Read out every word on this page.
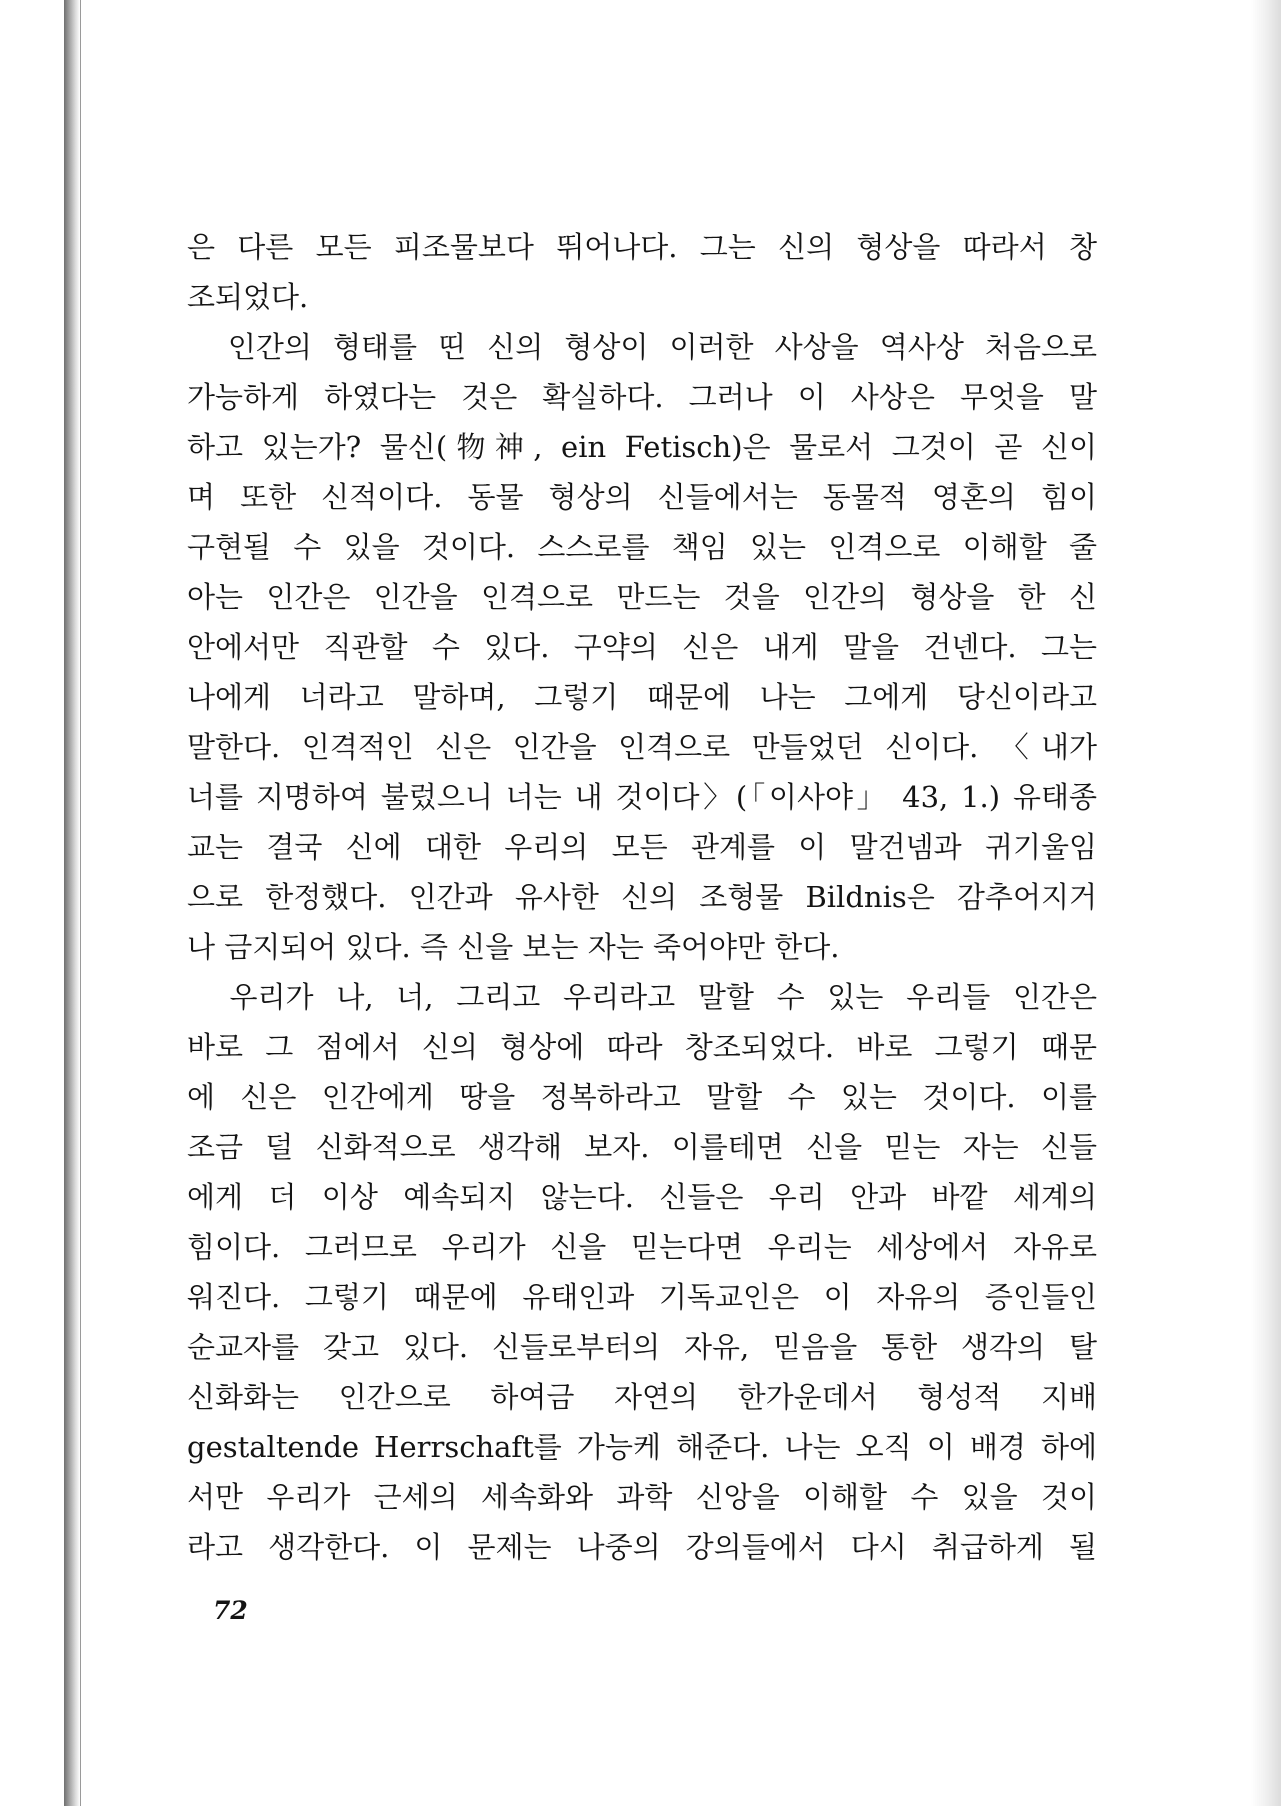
은 다른 모든 피조물보다 뛰어나다. 그는 신의 형상을 따라서 창
조되었다.
　인간의 형태를 띤 신의 형상이 이러한 사상을 역사상 처음으로
가능하게 하였다는 것은 확실하다. 그러나 이 사상은 무엇을 말
하고 있는가? 물신(物神, ein Fetisch)은 물로서 그것이 곧 신이
며 또한 신적이다. 동물 형상의 신들에서는 동물적 영혼의 힘이
구현될 수 있을 것이다. 스스로를 책임 있는 인격으로 이해할 줄
아는 인간은 인간을 인격으로 만드는 것을 인간의 형상을 한 신
안에서만 직관할 수 있다. 구약의 신은 내게 말을 건넨다. 그는
나에게 너라고 말하며, 그렇기 때문에 나는 그에게 당신이라고
말한다. 인격적인 신은 인간을 인격으로 만들었던 신이다. 〈내가
너를 지명하여 불렀으니 너는 내 것이다〉(「이사야」 43, 1.) 유태종
교는 결국 신에 대한 우리의 모든 관계를 이 말건넴과 귀기울임
으로 한정했다. 인간과 유사한 신의 조형물 Bildnis은 감추어지거
나 금지되어 있다. 즉 신을 보는 자는 죽어야만 한다.
　우리가 나, 너, 그리고 우리라고 말할 수 있는 우리들 인간은
바로 그 점에서 신의 형상에 따라 창조되었다. 바로 그렇기 때문
에 신은 인간에게 땅을 정복하라고 말할 수 있는 것이다. 이를
조금 덜 신화적으로 생각해 보자. 이를테면 신을 믿는 자는 신들
에게 더 이상 예속되지 않는다. 신들은 우리 안과 바깥 세계의
힘이다. 그러므로 우리가 신을 믿는다면 우리는 세상에서 자유로
워진다. 그렇기 때문에 유태인과 기독교인은 이 자유의 증인들인
순교자를 갖고 있다. 신들로부터의 자유, 믿음을 통한 생각의 탈
신화화는 인간으로 하여금 자연의 한가운데서 형성적 지배
gestaltende Herrschaft를 가능케 해준다. 나는 오직 이 배경 하에
서만 우리가 근세의 세속화와 과학 신앙을 이해할 수 있을 것이
라고 생각한다. 이 문제는 나중의 강의들에서 다시 취급하게 될
72
